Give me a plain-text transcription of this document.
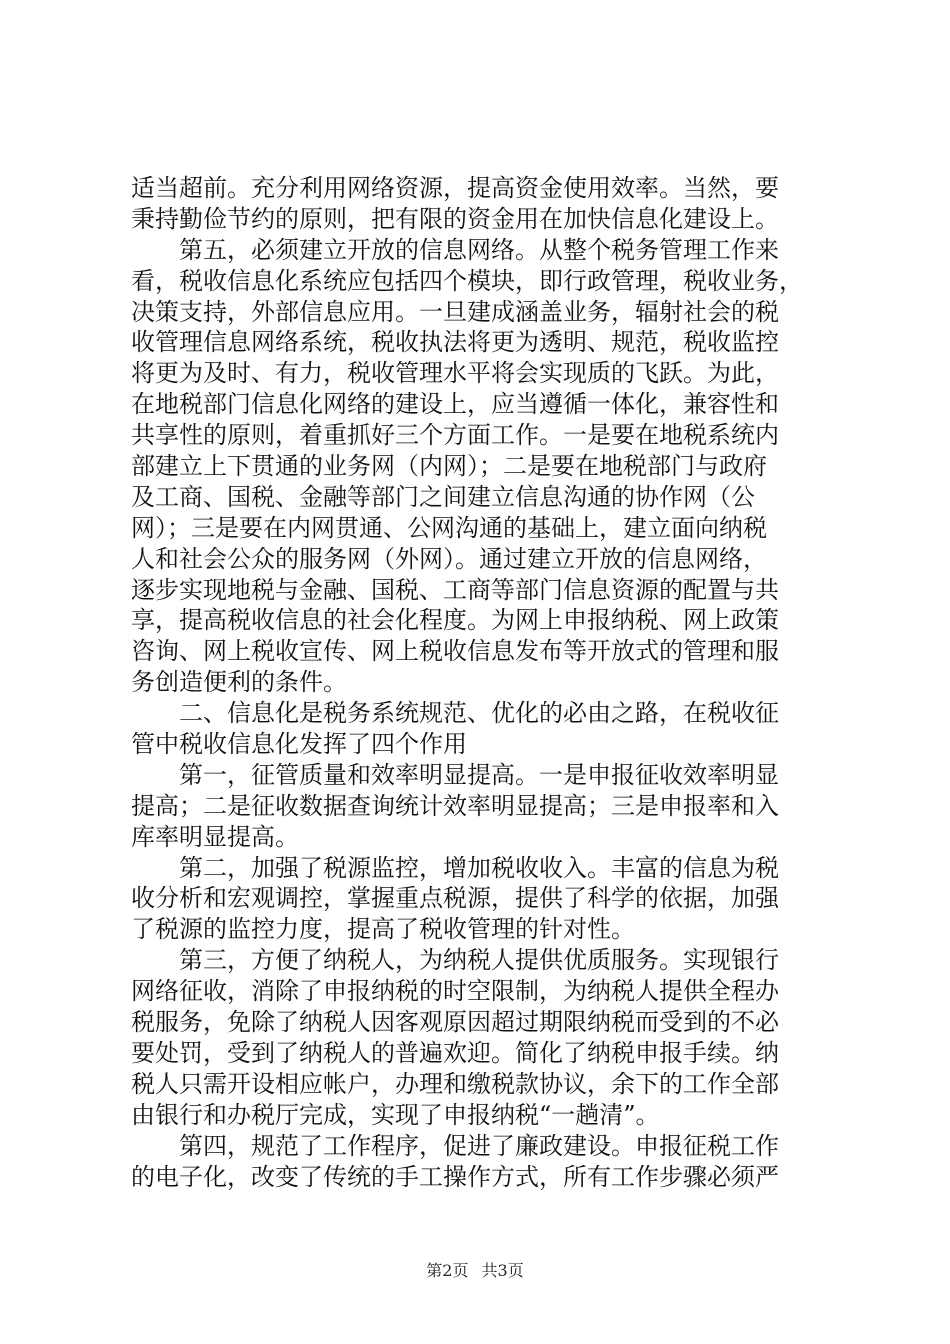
适当超前。充分利用网络资源，提高资金使用效率。当然，要
秉持勤俭节约的原则，把有限的资金用在加快信息化建设上。
第五，必须建立开放的信息网络。从整个税务管理工作来
看，税收信息化系统应包括四个模块，即行政管理，税收业务，
决策支持，外部信息应用。一旦建成涵盖业务，辐射社会的税
收管理信息网络系统，税收执法将更为透明、规范，税收监控
将更为及时、有力，税收管理水平将会实现质的飞跃。为此，
在地税部门信息化网络的建设上，应当遵循一体化，兼容性和
共享性的原则，着重抓好三个方面工作。一是要在地税系统内
部建立上下贯通的业务网（内网）；二是要在地税部门与政府
及工商、国税、金融等部门之间建立信息沟通的协作网（公
网）；三是要在内网贯通、公网沟通的基础上，建立面向纳税
人和社会公众的服务网（外网）。通过建立开放的信息网络，
逐步实现地税与金融、国税、工商等部门信息资源的配置与共
享，提高税收信息的社会化程度。为网上申报纳税、网上政策
咨询、网上税收宣传、网上税收信息发布等开放式的管理和服
务创造便利的条件。
二、信息化是税务系统规范、优化的必由之路，在税收征
管中税收信息化发挥了四个作用
第一，征管质量和效率明显提高。一是申报征收效率明显
提高；二是征收数据查询统计效率明显提高；三是申报率和入
库率明显提高。
第二，加强了税源监控，增加税收收入。丰富的信息为税
收分析和宏观调控，掌握重点税源，提供了科学的依据，加强
了税源的监控力度，提高了税收管理的针对性。
第三，方便了纳税人，为纳税人提供优质服务。实现银行
网络征收，消除了申报纳税的时空限制，为纳税人提供全程办
税服务，免除了纳税人因客观原因超过期限纳税而受到的不必
要处罚，受到了纳税人的普遍欢迎。简化了纳税申报手续。纳
税人只需开设相应帐户，办理和缴税款协议，余下的工作全部
由银行和办税厅完成，实现了申报纳税“一趟清”。
第四，规范了工作程序，促进了廉政建设。申报征税工作
的电子化，改变了传统的手工操作方式，所有工作步骤必须严
第2页 共3页
